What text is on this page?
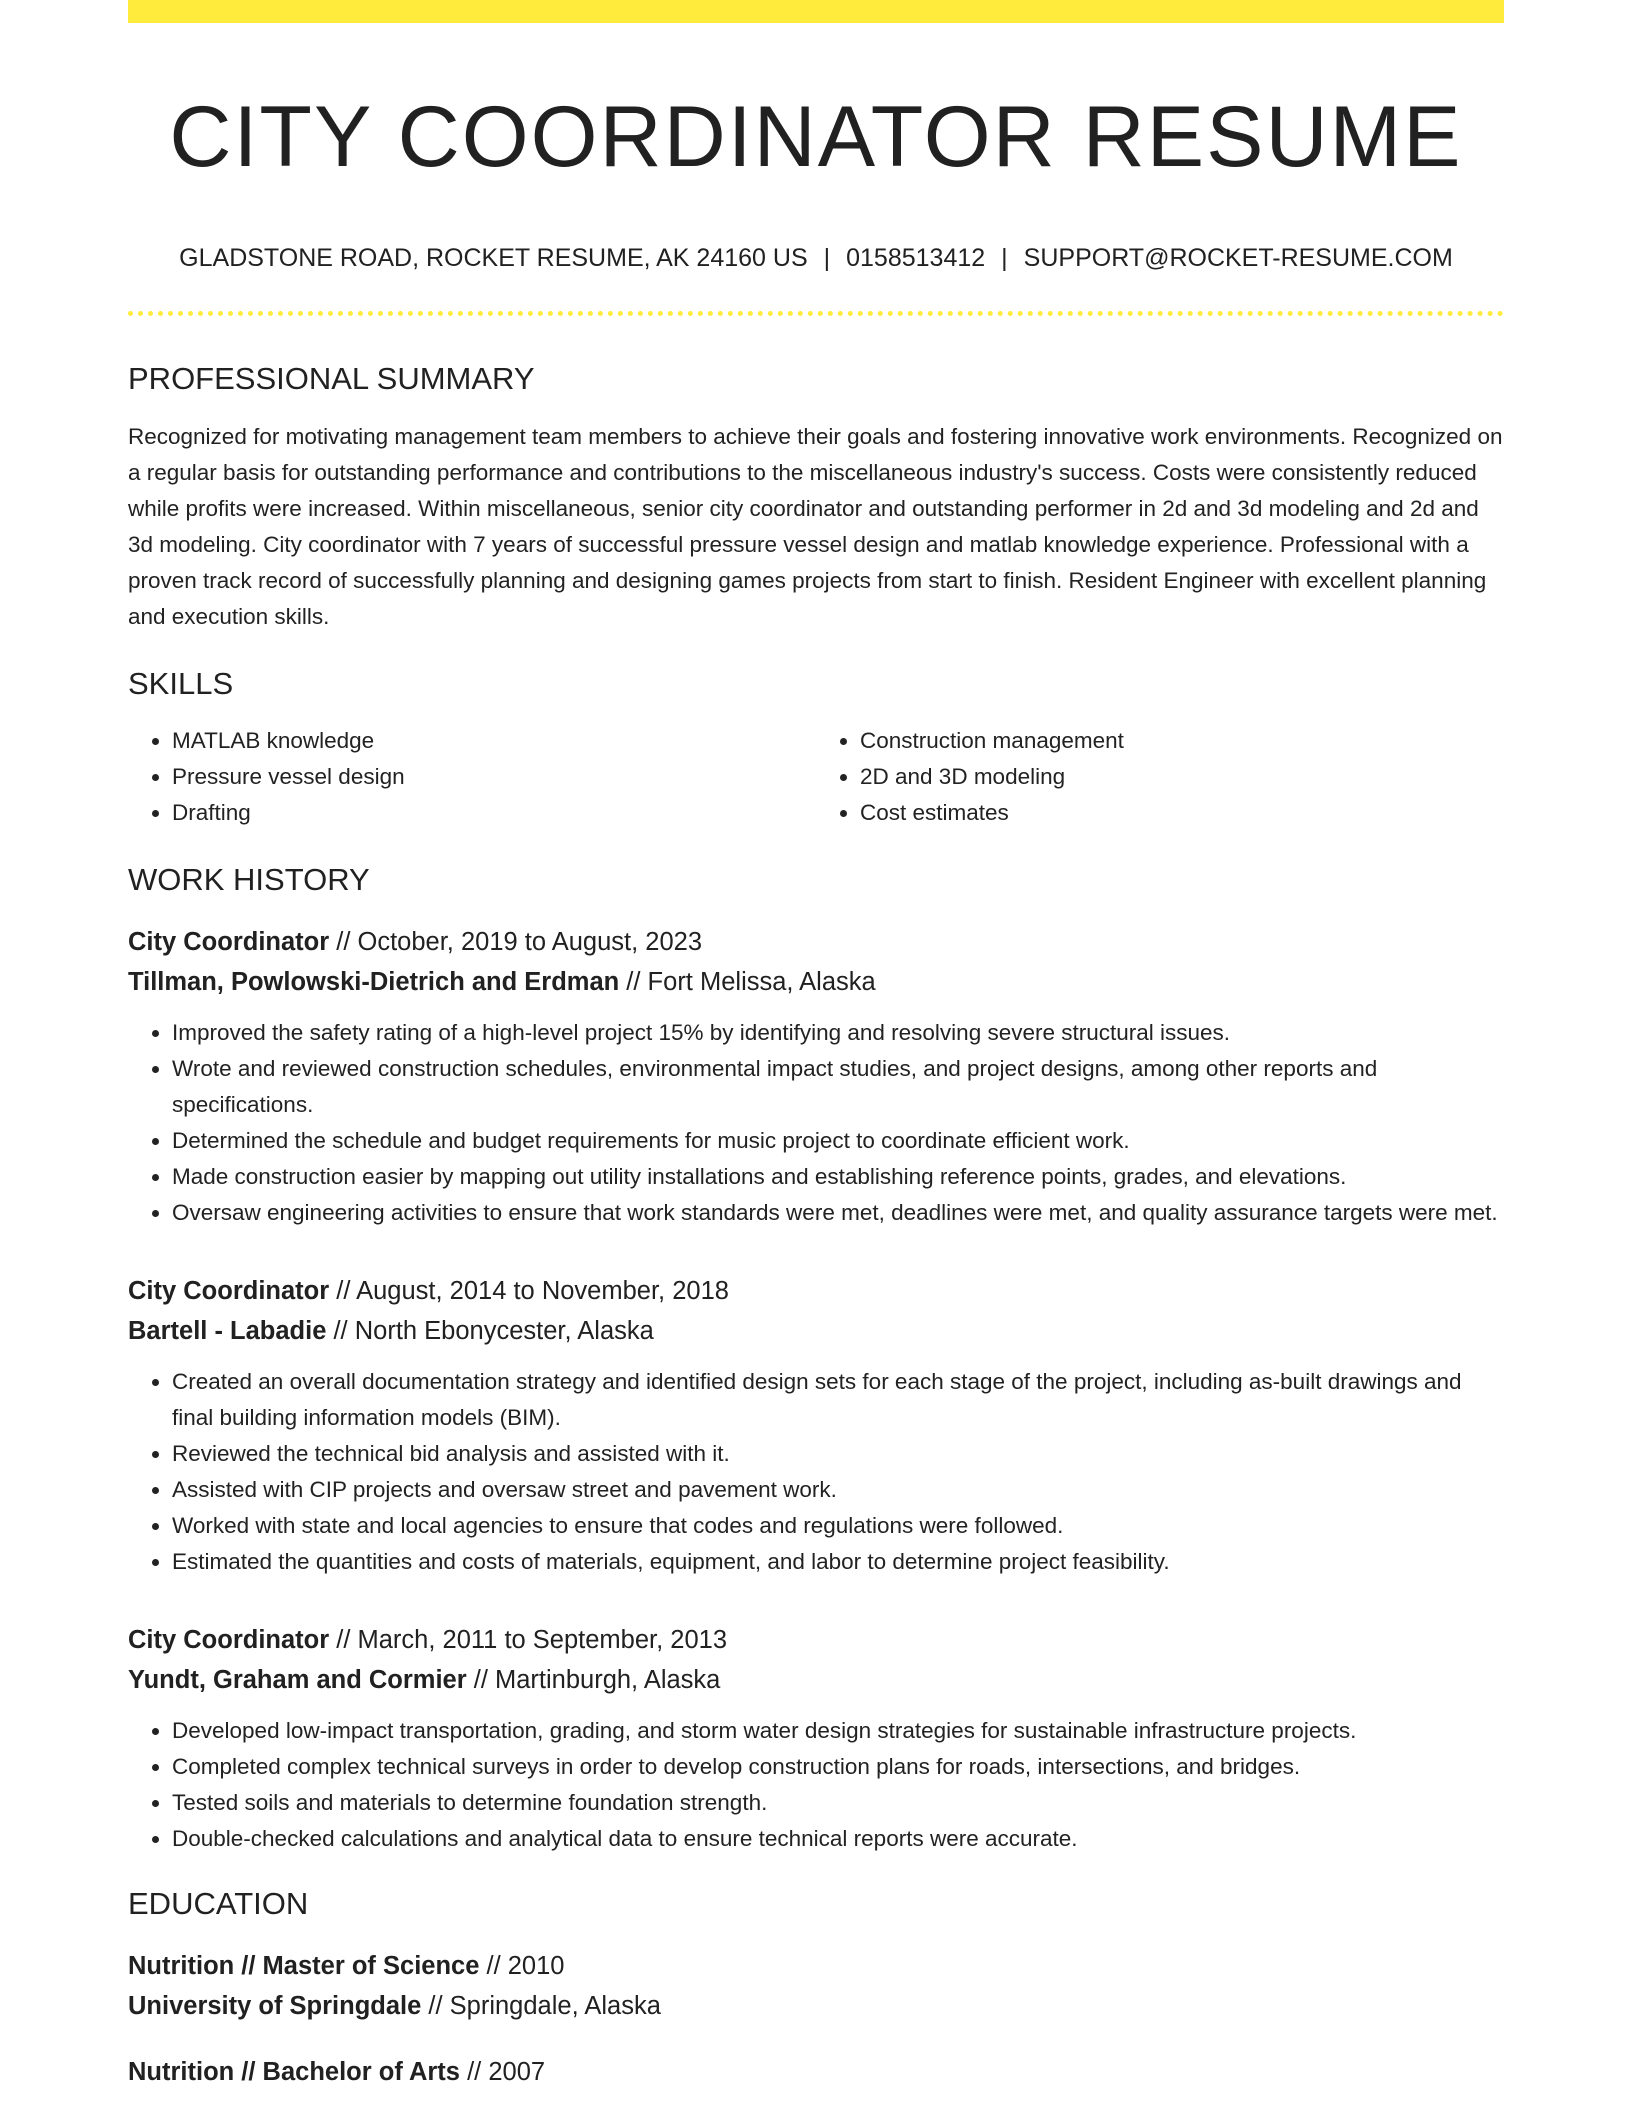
CITY COORDINATOR RESUME
GLADSTONE ROAD, ROCKET RESUME, AK 24160 US | 0158513412 | SUPPORT@ROCKET-RESUME.COM
PROFESSIONAL SUMMARY
Recognized for motivating management team members to achieve their goals and fostering innovative work environments. Recognized on a regular basis for outstanding performance and contributions to the miscellaneous industry's success. Costs were consistently reduced while profits were increased. Within miscellaneous, senior city coordinator and outstanding performer in 2d and 3d modeling and 2d and 3d modeling. City coordinator with 7 years of successful pressure vessel design and matlab knowledge experience. Professional with a proven track record of successfully planning and designing games projects from start to finish. Resident Engineer with excellent planning and execution skills.
SKILLS
• MATLAB knowledge
• Pressure vessel design
• Drafting
• Construction management
• 2D and 3D modeling
• Cost estimates
WORK HISTORY
City Coordinator // October, 2019 to August, 2023
Tillman, Powlowski-Dietrich and Erdman // Fort Melissa, Alaska
• Improved the safety rating of a high-level project 15% by identifying and resolving severe structural issues.
• Wrote and reviewed construction schedules, environmental impact studies, and project designs, among other reports and specifications.
• Determined the schedule and budget requirements for music project to coordinate efficient work.
• Made construction easier by mapping out utility installations and establishing reference points, grades, and elevations.
• Oversaw engineering activities to ensure that work standards were met, deadlines were met, and quality assurance targets were met.
City Coordinator // August, 2014 to November, 2018
Bartell - Labadie // North Ebonycester, Alaska
• Created an overall documentation strategy and identified design sets for each stage of the project, including as-built drawings and final building information models (BIM).
• Reviewed the technical bid analysis and assisted with it.
• Assisted with CIP projects and oversaw street and pavement work.
• Worked with state and local agencies to ensure that codes and regulations were followed.
• Estimated the quantities and costs of materials, equipment, and labor to determine project feasibility.
City Coordinator // March, 2011 to September, 2013
Yundt, Graham and Cormier // Martinburgh, Alaska
• Developed low-impact transportation, grading, and storm water design strategies for sustainable infrastructure projects.
• Completed complex technical surveys in order to develop construction plans for roads, intersections, and bridges.
• Tested soils and materials to determine foundation strength.
• Double-checked calculations and analytical data to ensure technical reports were accurate.
EDUCATION
Nutrition // Master of Science // 2010
University of Springdale // Springdale, Alaska
Nutrition // Bachelor of Arts // 2007
